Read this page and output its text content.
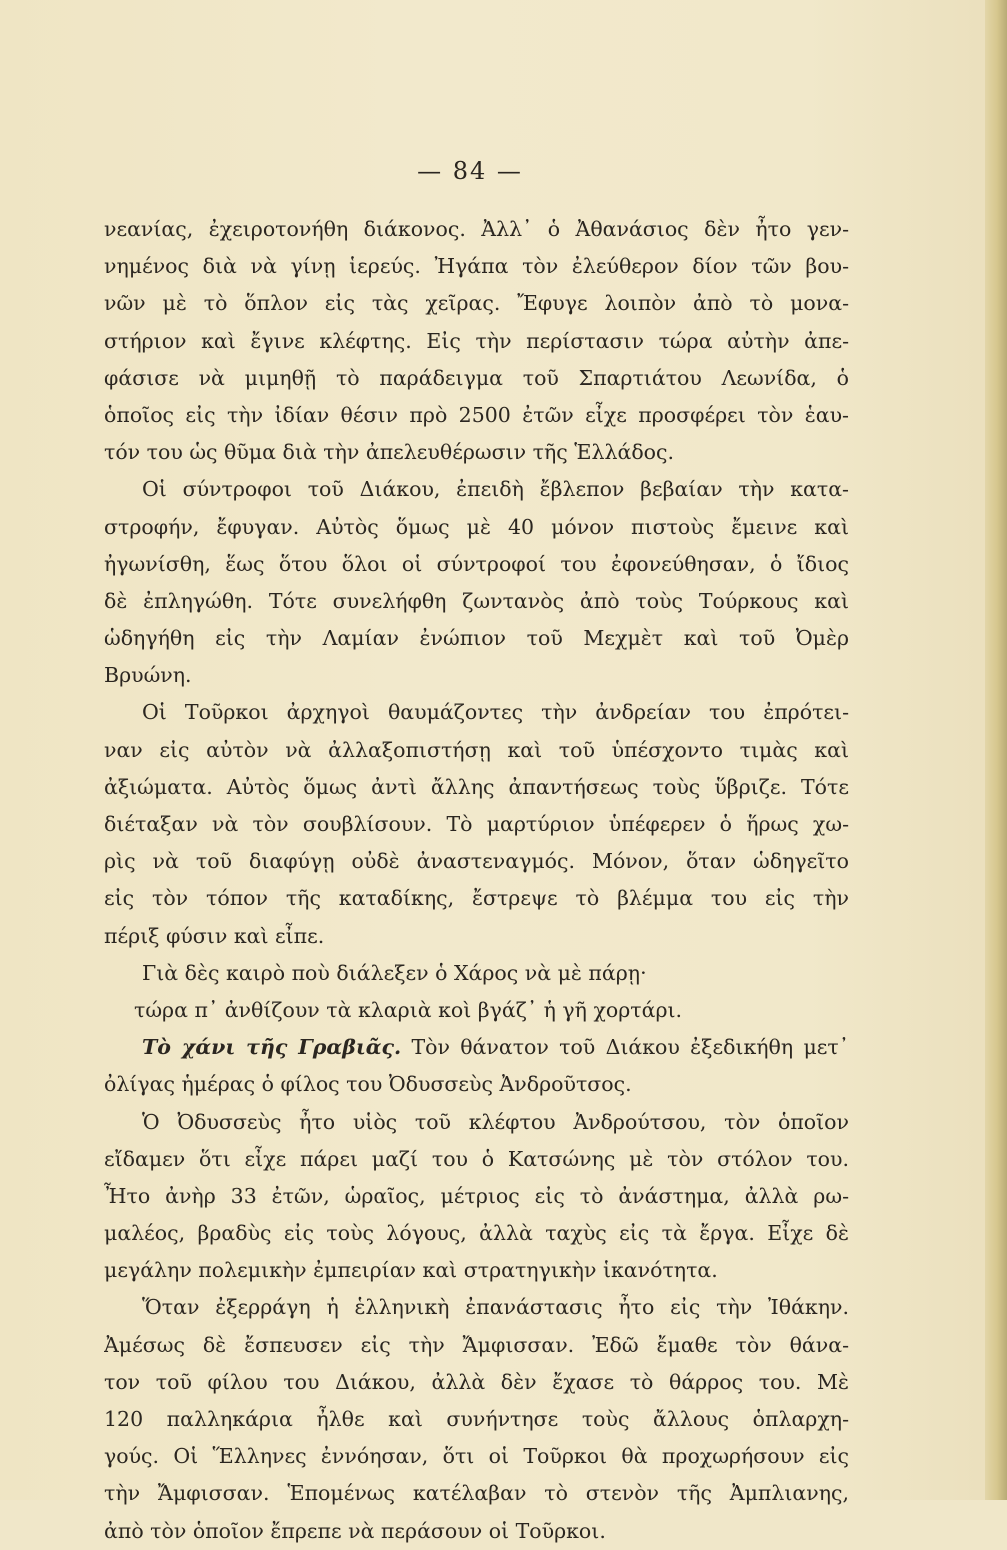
— 84 —
νεανίας, ἐχειροτονήθη διάκονος. Ἀλλ᾽ ὁ Ἀθανάσιος δὲν ἦτο γεν-
νημένος διὰ νὰ γίνῃ ἱερεύς. Ἠγάπα τὸν ἐλεύθερον δίον τῶν βου-
νῶν μὲ τὸ ὅπλον εἰς τὰς χεῖρας. Ἔφυγε λοιπὸν ἀπὸ τὸ μονα-
στήριον καὶ ἔγινε κλέφτης. Εἰς τὴν περίστασιν τώρα αὐτὴν ἀπε-
φάσισε νὰ μιμηθῇ τὸ παράδειγμα τοῦ Σπαρτιάτου Λεωνίδα, ὁ
ὁποῖος εἰς τὴν ἰδίαν θέσιν πρὸ 2500 ἐτῶν εἶχε προσφέρει τὸν ἑαυ-
τόν του ὡς θῦμα διὰ τὴν ἀπελευθέρωσιν τῆς Ἑλλάδος.
Οἱ σύντροφοι τοῦ Διάκου, ἐπειδὴ ἔβλεπον βεβαίαν τὴν κατα-
στροφήν, ἔφυγαν. Αὐτὸς ὅμως μὲ 40 μόνον πιστοὺς ἔμεινε καὶ
ἠγωνίσθη, ἕως ὅτου ὅλοι οἱ σύντροφοί του ἐφονεύθησαν, ὁ ἴδιος
δὲ ἐπληγώθη. Τότε συνελήφθη ζωντανὸς ἀπὸ τοὺς Τούρκους καὶ
ὡδηγήθη εἰς τὴν Λαμίαν ἐνώπιον τοῦ Μεχμὲτ καὶ τοῦ Ὀμὲρ
Βρυώνη.
Οἱ Τοῦρκοι ἀρχηγοὶ θαυμάζοντες τὴν ἀνδρείαν του ἐπρότει-
ναν εἰς αὐτὸν νὰ ἀλλαξοπιστήσῃ καὶ τοῦ ὑπέσχοντο τιμὰς καὶ
ἀξιώματα. Αὐτὸς ὅμως ἀντὶ ἄλλης ἀπαντήσεως τοὺς ὕβριζε. Τότε
διέταξαν νὰ τὸν σουβλίσουν. Τὸ μαρτύριον ὑπέφερεν ὁ ἥρως χω-
ρὶς νὰ τοῦ διαφύγῃ οὐδὲ ἀναστεναγμός. Μόνον, ὅταν ὡδηγεῖτο
εἰς τὸν τόπον τῆς καταδίκης, ἔστρεψε τὸ βλέμμα του εἰς τὴν
πέριξ φύσιν καὶ εἶπε.
Γιὰ δὲς καιρὸ ποὺ διάλεξεν ὁ Χάρος νὰ μὲ πάρῃ·
τώρα π᾽ ἀνθίζουν τὰ κλαριὰ κοὶ βγάζ᾽ ἡ γῆ χορτάρι.
Τὸ χάνι τῆς Γραβιᾶς. Τὸν θάνατον τοῦ Διάκου ἐξεδικήθη μετ᾽
ὀλίγας ἡμέρας ὁ φίλος του Ὀδυσσεὺς Ἀνδροῦτσος.
Ὁ Ὀδυσσεὺς ἦτο υἱὸς τοῦ κλέφτου Ἀνδρούτσου, τὸν ὁποῖον
εἴδαμεν ὅτι εἶχε πάρει μαζί του ὁ Κατσώνης μὲ τὸν στόλον του.
Ἦτο ἀνὴρ 33 ἐτῶν, ὡραῖος, μέτριος εἰς τὸ ἀνάστημα, ἀλλὰ ρω-
μαλέος, βραδὺς εἰς τοὺς λόγους, ἀλλὰ ταχὺς εἰς τὰ ἔργα. Εἶχε δὲ
μεγάλην πολεμικὴν ἐμπειρίαν καὶ στρατηγικὴν ἱκανότητα.
Ὅταν ἐξερράγη ἡ ἑλληνικὴ ἐπανάστασις ἦτο εἰς τὴν Ἰθάκην.
Ἀμέσως δὲ ἔσπευσεν εἰς τὴν Ἄμφισσαν. Ἐδῶ ἔμαθε τὸν θάνα-
τον τοῦ φίλου του Διάκου, ἀλλὰ δὲν ἔχασε τὸ θάρρος του. Μὲ
120 παλληκάρια ἦλθε καὶ συνήντησε τοὺς ἄλλους ὁπλαρχη-
γούς. Οἱ Ἕλληνες ἐννόησαν, ὅτι οἱ Τοῦρκοι θὰ προχωρήσουν εἰς
τὴν Ἄμφισσαν. Ἑπομένως κατέλαβαν τὸ στενὸν τῆς Ἀμπλιανης,
ἀπὸ τὸν ὁποῖον ἔπρεπε νὰ περάσουν οἱ Τοῦρκοι.
